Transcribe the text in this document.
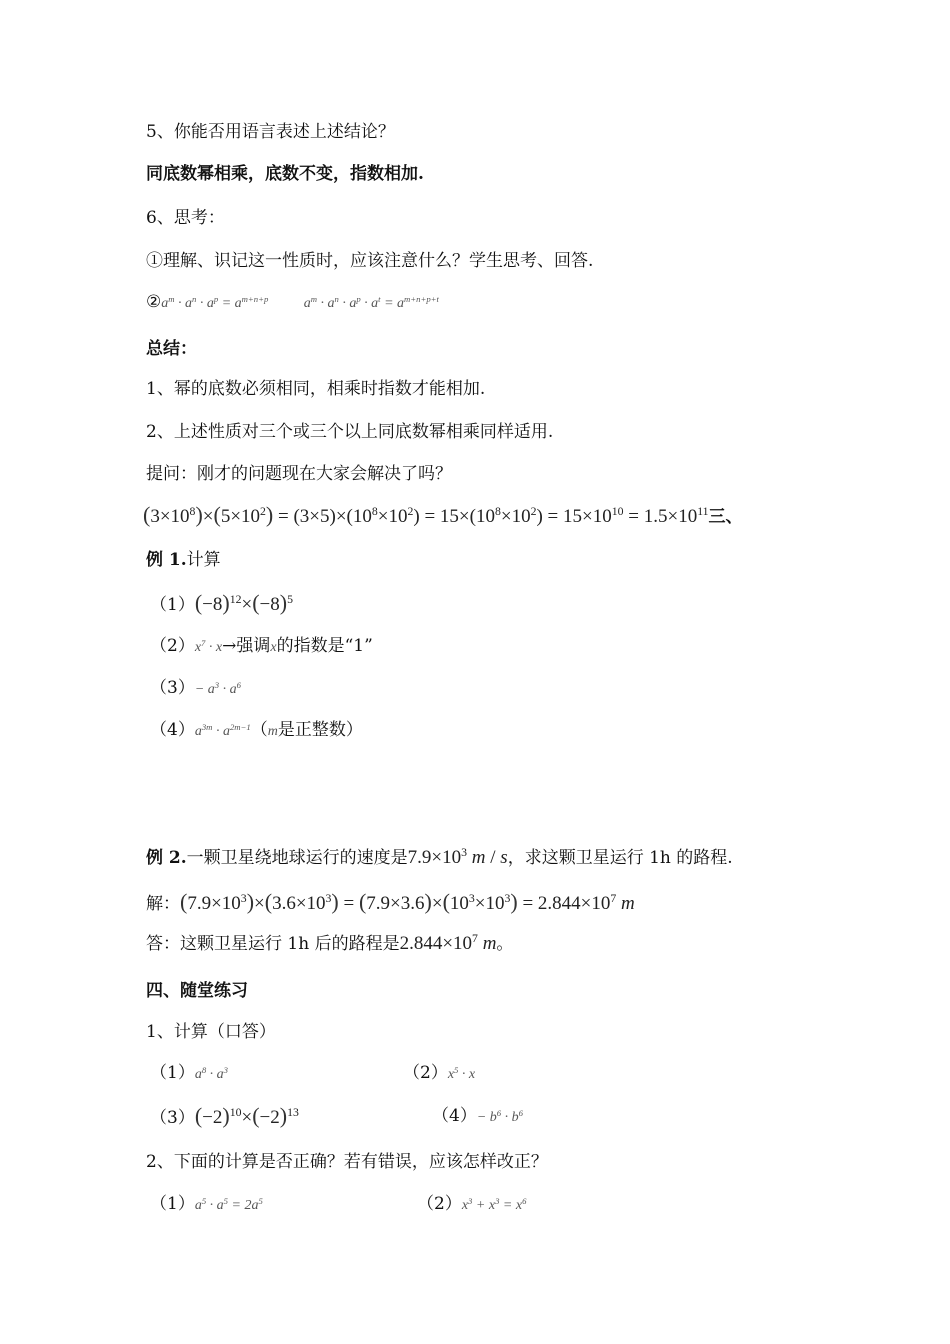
5、你能否用语言表述上述结论？
同底数幂相乘，底数不变，指数相加.
6、思考：
①理解、识记这一性质时，应该注意什么？学生思考、回答.
$②a^m \cdot a^n \cdot a^p = a^{m+n+p}$	$a^m \cdot a^n \cdot a^p \cdot a^t = a^{m+n+p+t}$
总结：
1、幂的底数必须相同，相乘时指数才能相加.
2、上述性质对三个或三个以上同底数幂相乘同样适用.
提问：刚才的问题现在大家会解决了吗？
$(3\times 10^8)\times(5\times 10^2) = (3\times 5)\times(10^8\times 10^2) = 15\times(10^8\times 10^2) = 15\times 10^{10} = 1.5\times 10^{11}$三、
例 1.计算
$(1)(-8)^{12}\times(-8)^5$
$(2)x^7 \cdot x\to$强调x的指数是“1”
$(3)- a^3 \cdot a^6$
$(4)a^{3m} \cdot a^{2m-1}(m$是正整数）
例 2.一颗卫星绕地球运行的速度是$7.9\times 10^3$ m / s，求这颗卫星运行 1h 的路程.
解：$(7.9\times 10^3)\times(3.6\times 10^3) = (7.9\times 3.6)\times(10^3\times 10^3) = 2.844\times 10^7$ m
答：这颗卫星运行 1h 后的路程是$2.844\times 10^7$ m。
四、随堂练习
1、计算（口答）
$(1)a^8 \cdot a^3$	$(2)x^5 \cdot x$
$(3)(-2)^{10}\times(-2)^{13}$	$(4)- b^6 \cdot b^6$
2、下面的计算是否正确？若有错误，应该怎样改正？
$(1)a^5 \cdot a^5 = 2a^5$	$(2)x^3 + x^3 = x^6$
